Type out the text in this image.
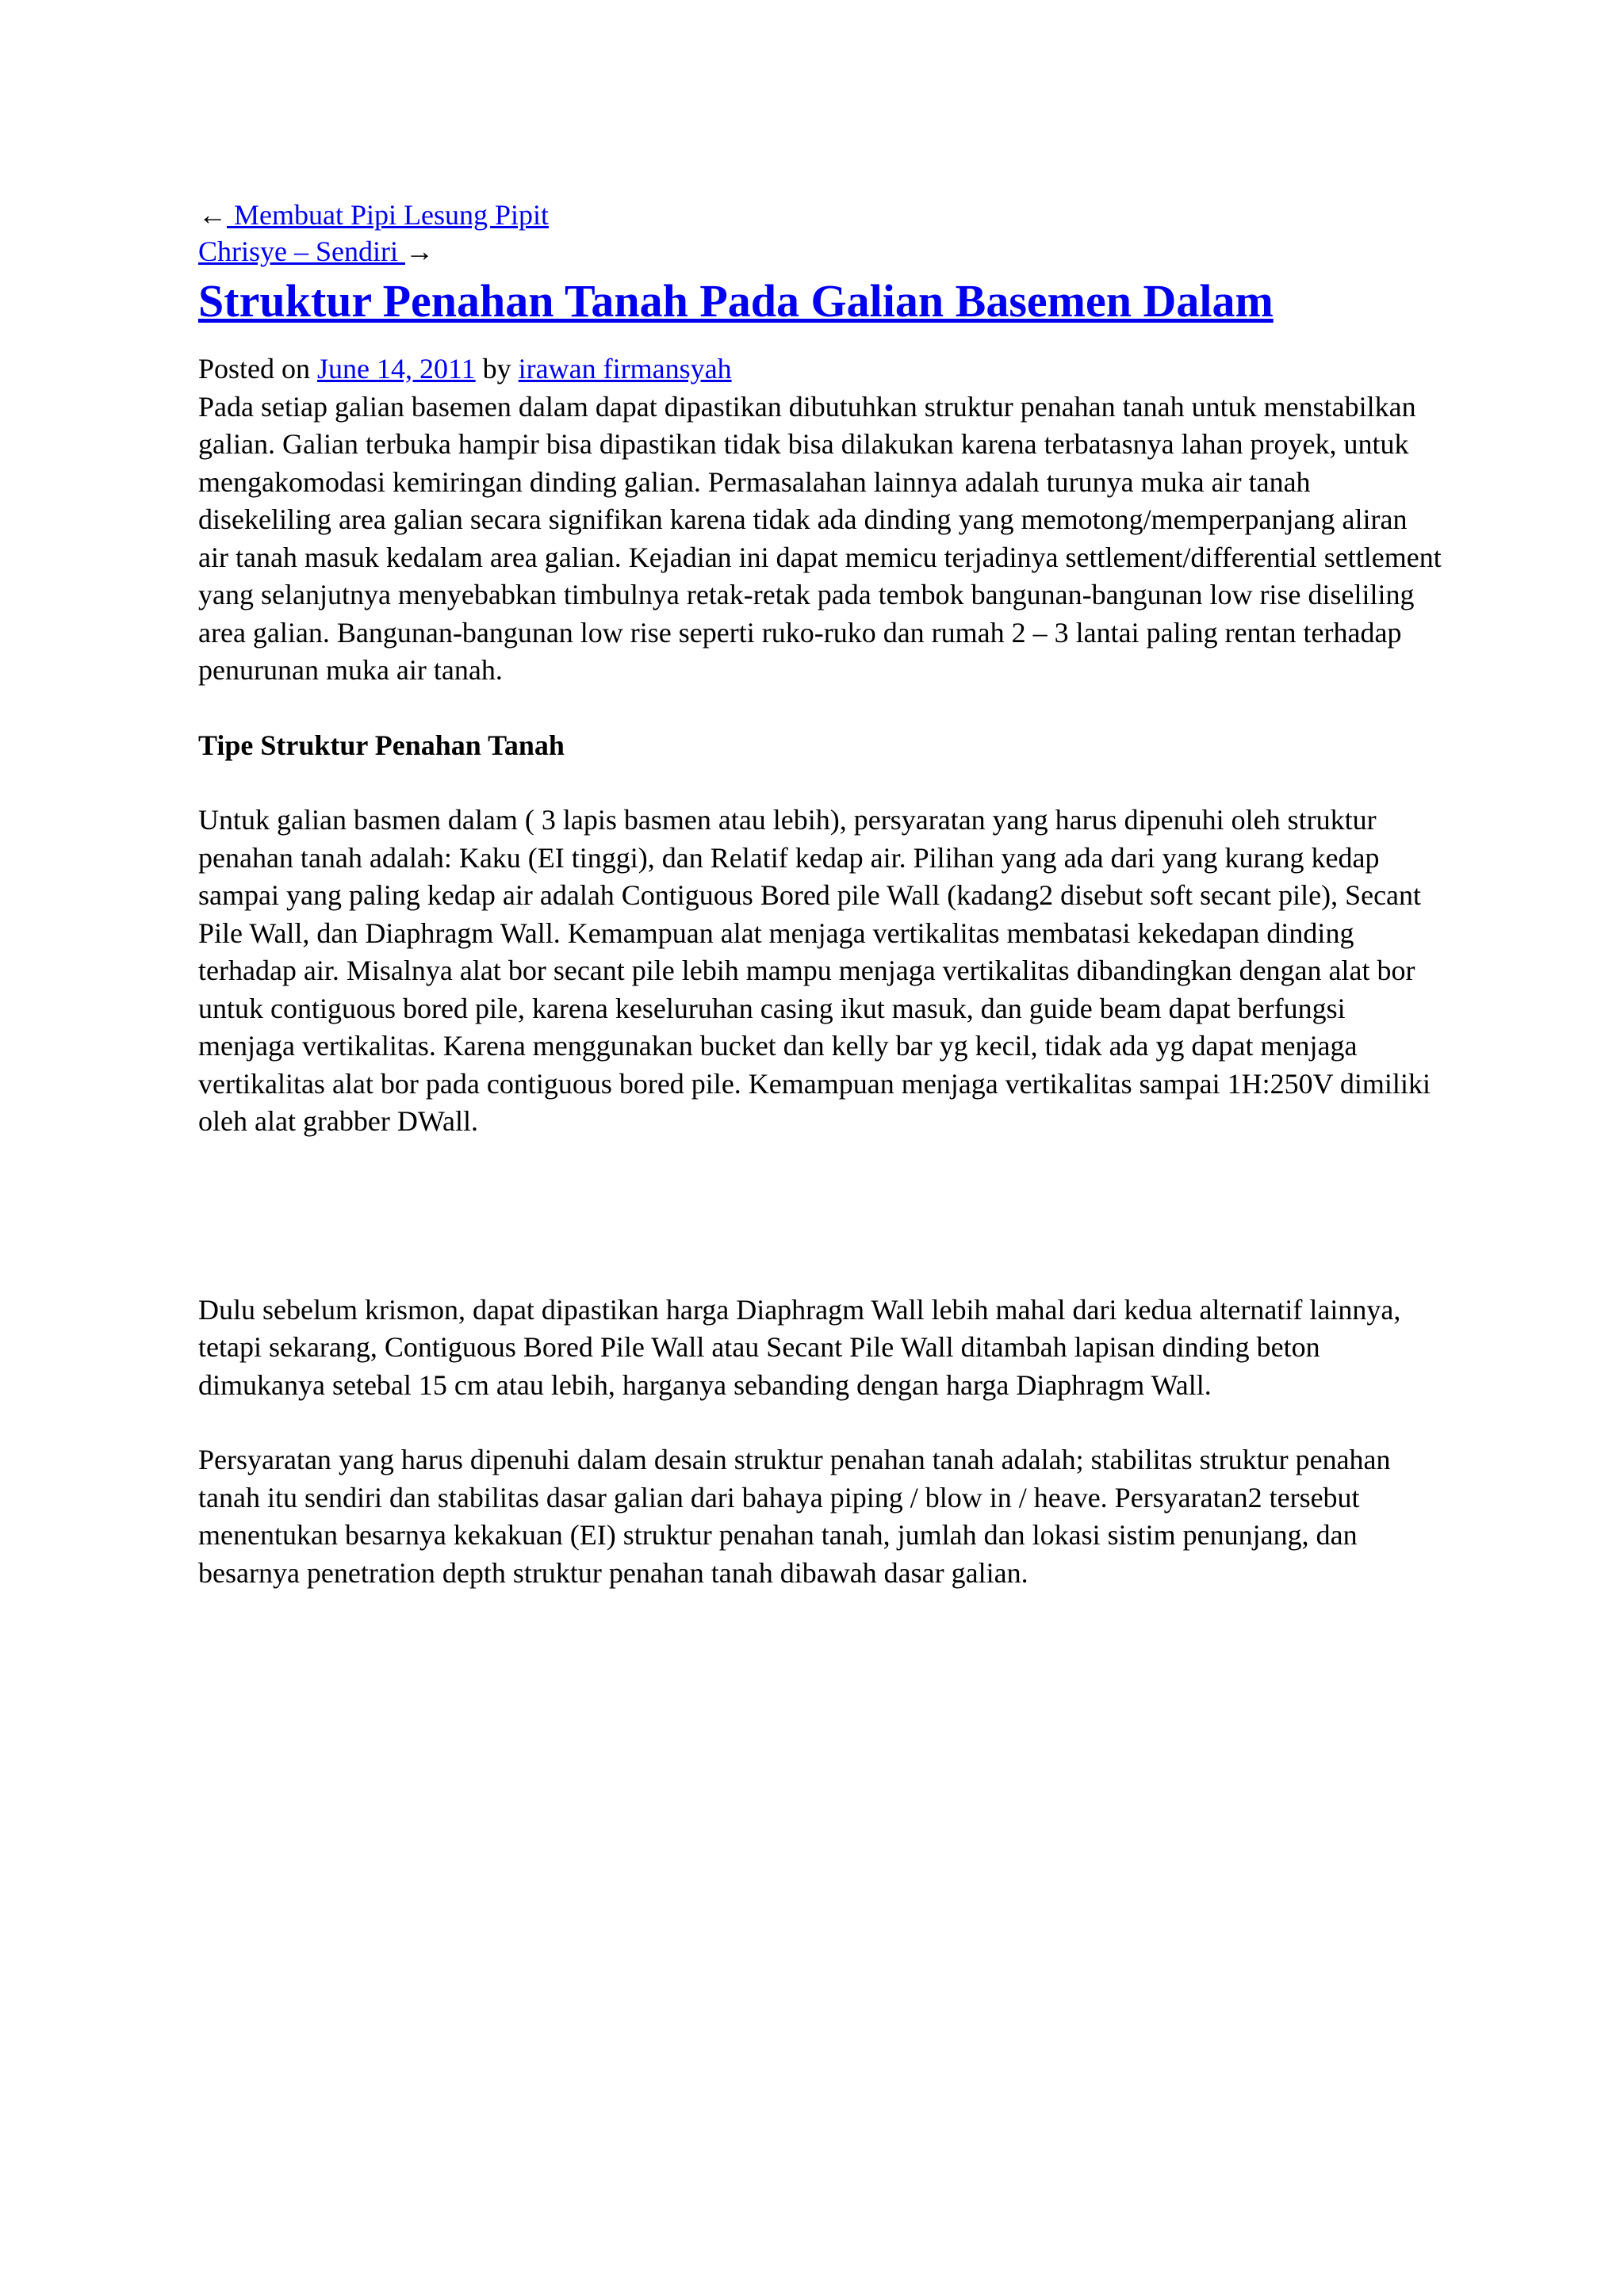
← Membuat Pipi Lesung Pipit

Chrisye – Sendiri →

Struktur Penahan Tanah Pada Galian Basemen Dalam

Posted on June 14, 2011 by irawan firmansyah

Pada setiap galian basemen dalam dapat dipastikan dibutuhkan struktur penahan tanah untuk menstabilkan galian. Galian terbuka hampir bisa dipastikan tidak bisa dilakukan karena terbatasnya lahan proyek, untuk mengakomodasi kemiringan dinding galian. Permasalahan lainnya adalah turunya muka air tanah disekeliling area galian secara signifikan karena tidak ada dinding yang memotong/memperpanjang aliran air tanah masuk kedalam area galian. Kejadian ini dapat memicu terjadinya settlement/differential settlement yang selanjutnya menyebabkan timbulnya retak-retak pada tembok bangunan-bangunan low rise diseliling area galian. Bangunan-bangunan low rise seperti ruko-ruko dan rumah 2 – 3 lantai paling rentan terhadap penurunan muka air tanah.

Tipe Struktur Penahan Tanah

Untuk galian basmen dalam ( 3 lapis basmen atau lebih), persyaratan yang harus dipenuhi oleh struktur penahan tanah adalah: Kaku (EI tinggi), dan Relatif kedap air. Pilihan yang ada dari yang kurang kedap sampai yang paling kedap air adalah Contiguous Bored pile Wall (kadang2 disebut soft secant pile), Secant Pile Wall, dan Diaphragm Wall. Kemampuan alat menjaga vertikalitas membatasi kekedapan dinding terhadap air. Misalnya alat bor secant pile lebih mampu menjaga vertikalitas dibandingkan dengan alat bor untuk contiguous bored pile, karena keseluruhan casing ikut masuk, dan guide beam dapat berfungsi menjaga vertikalitas. Karena menggunakan bucket dan kelly bar yg kecil, tidak ada yg dapat menjaga vertikalitas alat bor pada contiguous bored pile. Kemampuan menjaga vertikalitas sampai 1H:250V dimiliki oleh alat grabber DWall.

Dulu sebelum krismon, dapat dipastikan harga Diaphragm Wall lebih mahal dari kedua alternatif lainnya, tetapi sekarang, Contiguous Bored Pile Wall atau Secant Pile Wall ditambah lapisan dinding beton dimukanya setebal 15 cm atau lebih, harganya sebanding dengan harga Diaphragm Wall.

Persyaratan yang harus dipenuhi dalam desain struktur penahan tanah adalah; stabilitas struktur penahan tanah itu sendiri dan stabilitas dasar galian dari bahaya piping / blow in / heave. Persyaratan2 tersebut menentukan besarnya kekakuan (EI) struktur penahan tanah, jumlah dan lokasi sistim penunjang, dan besarnya penetration depth struktur penahan tanah dibawah dasar galian.
